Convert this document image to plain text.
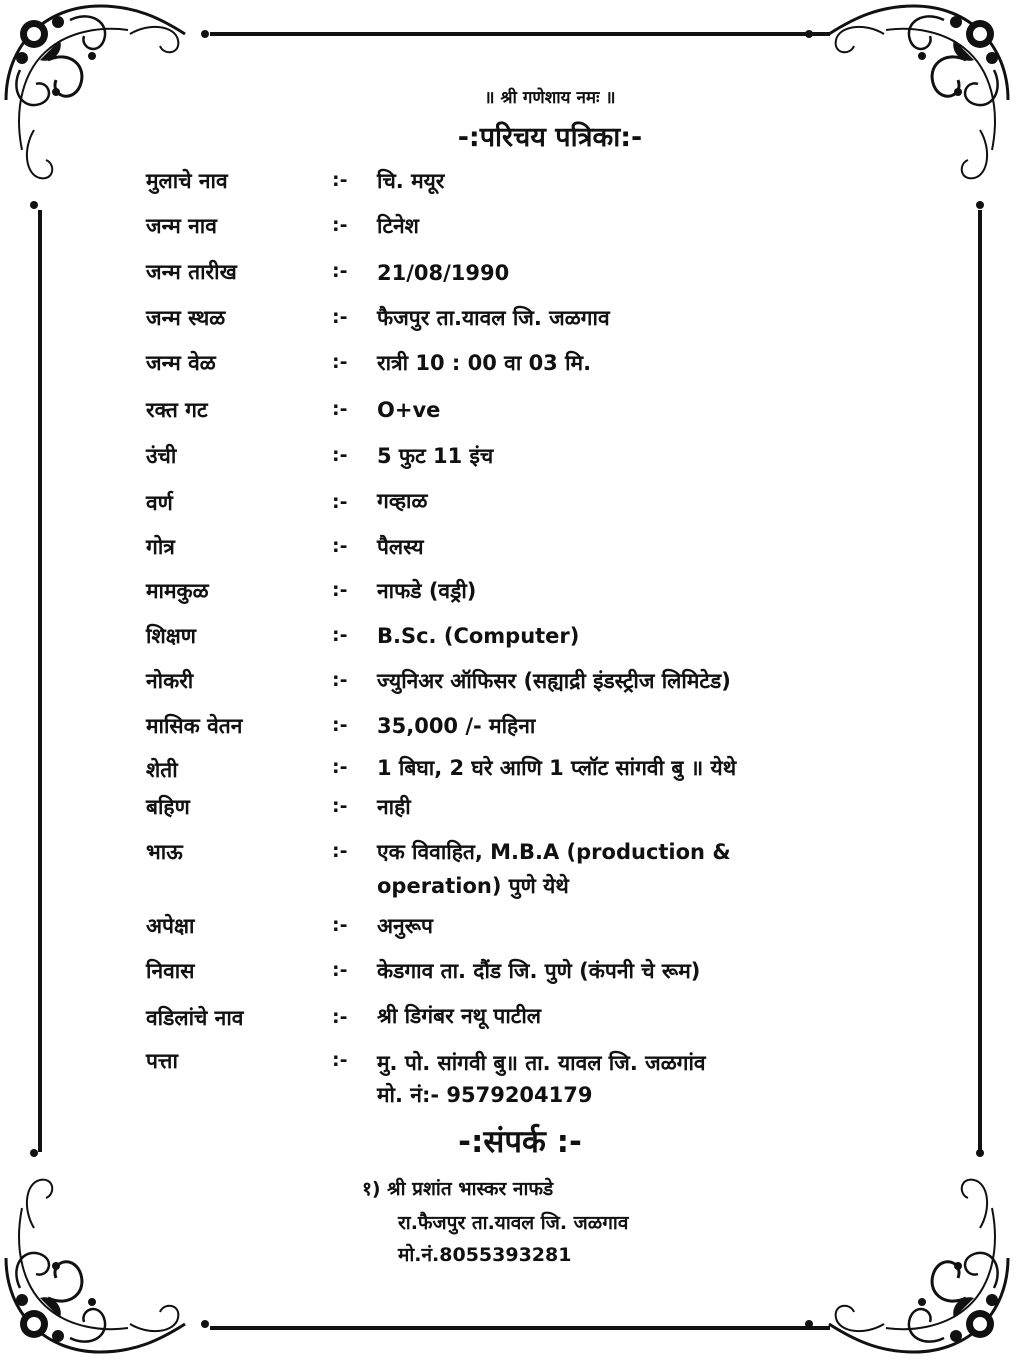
॥ श्री गणेशाय नमः ॥
-:परिचय पत्रिका:-
मुलाचे नाव	:- चि. मयूर
जन्म नाव	:- टिनेश
जन्म तारीख	:- 21/08/1990
जन्म स्थळ	:- फैजपुर ता.यावल जि. जळगाव
जन्म वेळ	:- रात्री 10 : 00 वा 03 मि.
रक्त गट	:- O+ve
उंची	:- 5 फुट 11 इंच
वर्ण	:- गव्हाळ
गोत्र	:- पैलस्य
मामकुळ	:- नाफडे (वड्री)
शिक्षण	:- B.Sc. (Computer)
नोकरी	:- ज्युनिअर ऑफिसर (सह्याद्री इंडस्ट्रीज लिमिटेड)
मासिक वेतन	:- 35,000 /- महिना
शेती	:- 1 बिघा, 2 घरे आणि 1 प्लॉट सांगवी बु ॥ येथे
बहिण	:- नाही
भाऊ	:- एक विवाहित, M.B.A (production &
operation) पुणे येथे
अपेक्षा	:- अनुरूप
निवास	:- केडगाव ता. दौंड जि. पुणे (कंपनी चे रूम)
वडिलांचे नाव	:- श्री डिगंबर नथू पाटील
पत्ता	:- मु. पो. सांगवी बु॥ ता. यावल जि. जळगांव
मो. नं:- 9579204179
-:संपर्क :-
१) श्री प्रशांत भास्कर नाफडे
रा.फैजपुर ता.यावल जि. जळगाव
मो.नं.8055393281
